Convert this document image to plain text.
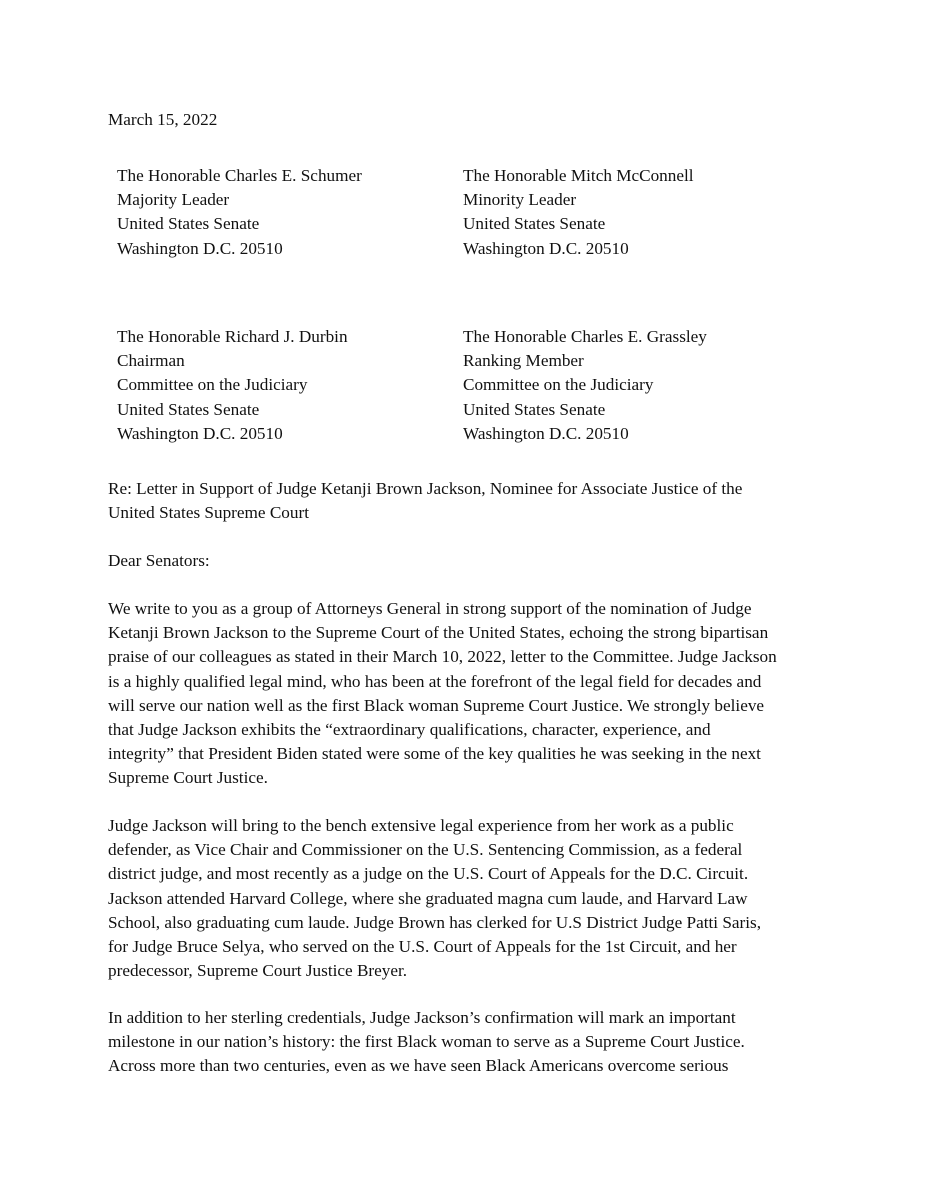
March 15, 2022
The Honorable Charles E. Schumer
Majority Leader
United States Senate
Washington D.C. 20510
The Honorable Mitch McConnell
Minority Leader
United States Senate
Washington D.C. 20510
The Honorable Richard J. Durbin
Chairman
Committee on the Judiciary
United States Senate
Washington D.C. 20510
The Honorable Charles E. Grassley
Ranking Member
Committee on the Judiciary
United States Senate
Washington D.C. 20510
Re: Letter in Support of Judge Ketanji Brown Jackson, Nominee for Associate Justice of the
United States Supreme Court
Dear Senators:
We write to you as a group of Attorneys General in strong support of the nomination of Judge
Ketanji Brown Jackson to the Supreme Court of the United States, echoing the strong bipartisan
praise of our colleagues as stated in their March 10, 2022, letter to the Committee. Judge Jackson
is a highly qualified legal mind, who has been at the forefront of the legal field for decades and
will serve our nation well as the first Black woman Supreme Court Justice. We strongly believe
that Judge Jackson exhibits the “extraordinary qualifications, character, experience, and
integrity” that President Biden stated were some of the key qualities he was seeking in the next
Supreme Court Justice.
Judge Jackson will bring to the bench extensive legal experience from her work as a public
defender, as Vice Chair and Commissioner on the U.S. Sentencing Commission, as a federal
district judge, and most recently as a judge on the U.S. Court of Appeals for the D.C. Circuit.
Jackson attended Harvard College, where she graduated magna cum laude, and Harvard Law
School, also graduating cum laude. Judge Brown has clerked for U.S District Judge Patti Saris,
for Judge Bruce Selya, who served on the U.S. Court of Appeals for the 1st Circuit, and her
predecessor, Supreme Court Justice Breyer.
In addition to her sterling credentials, Judge Jackson’s confirmation will mark an important
milestone in our nation’s history: the first Black woman to serve as a Supreme Court Justice.
Across more than two centuries, even as we have seen Black Americans overcome serious
